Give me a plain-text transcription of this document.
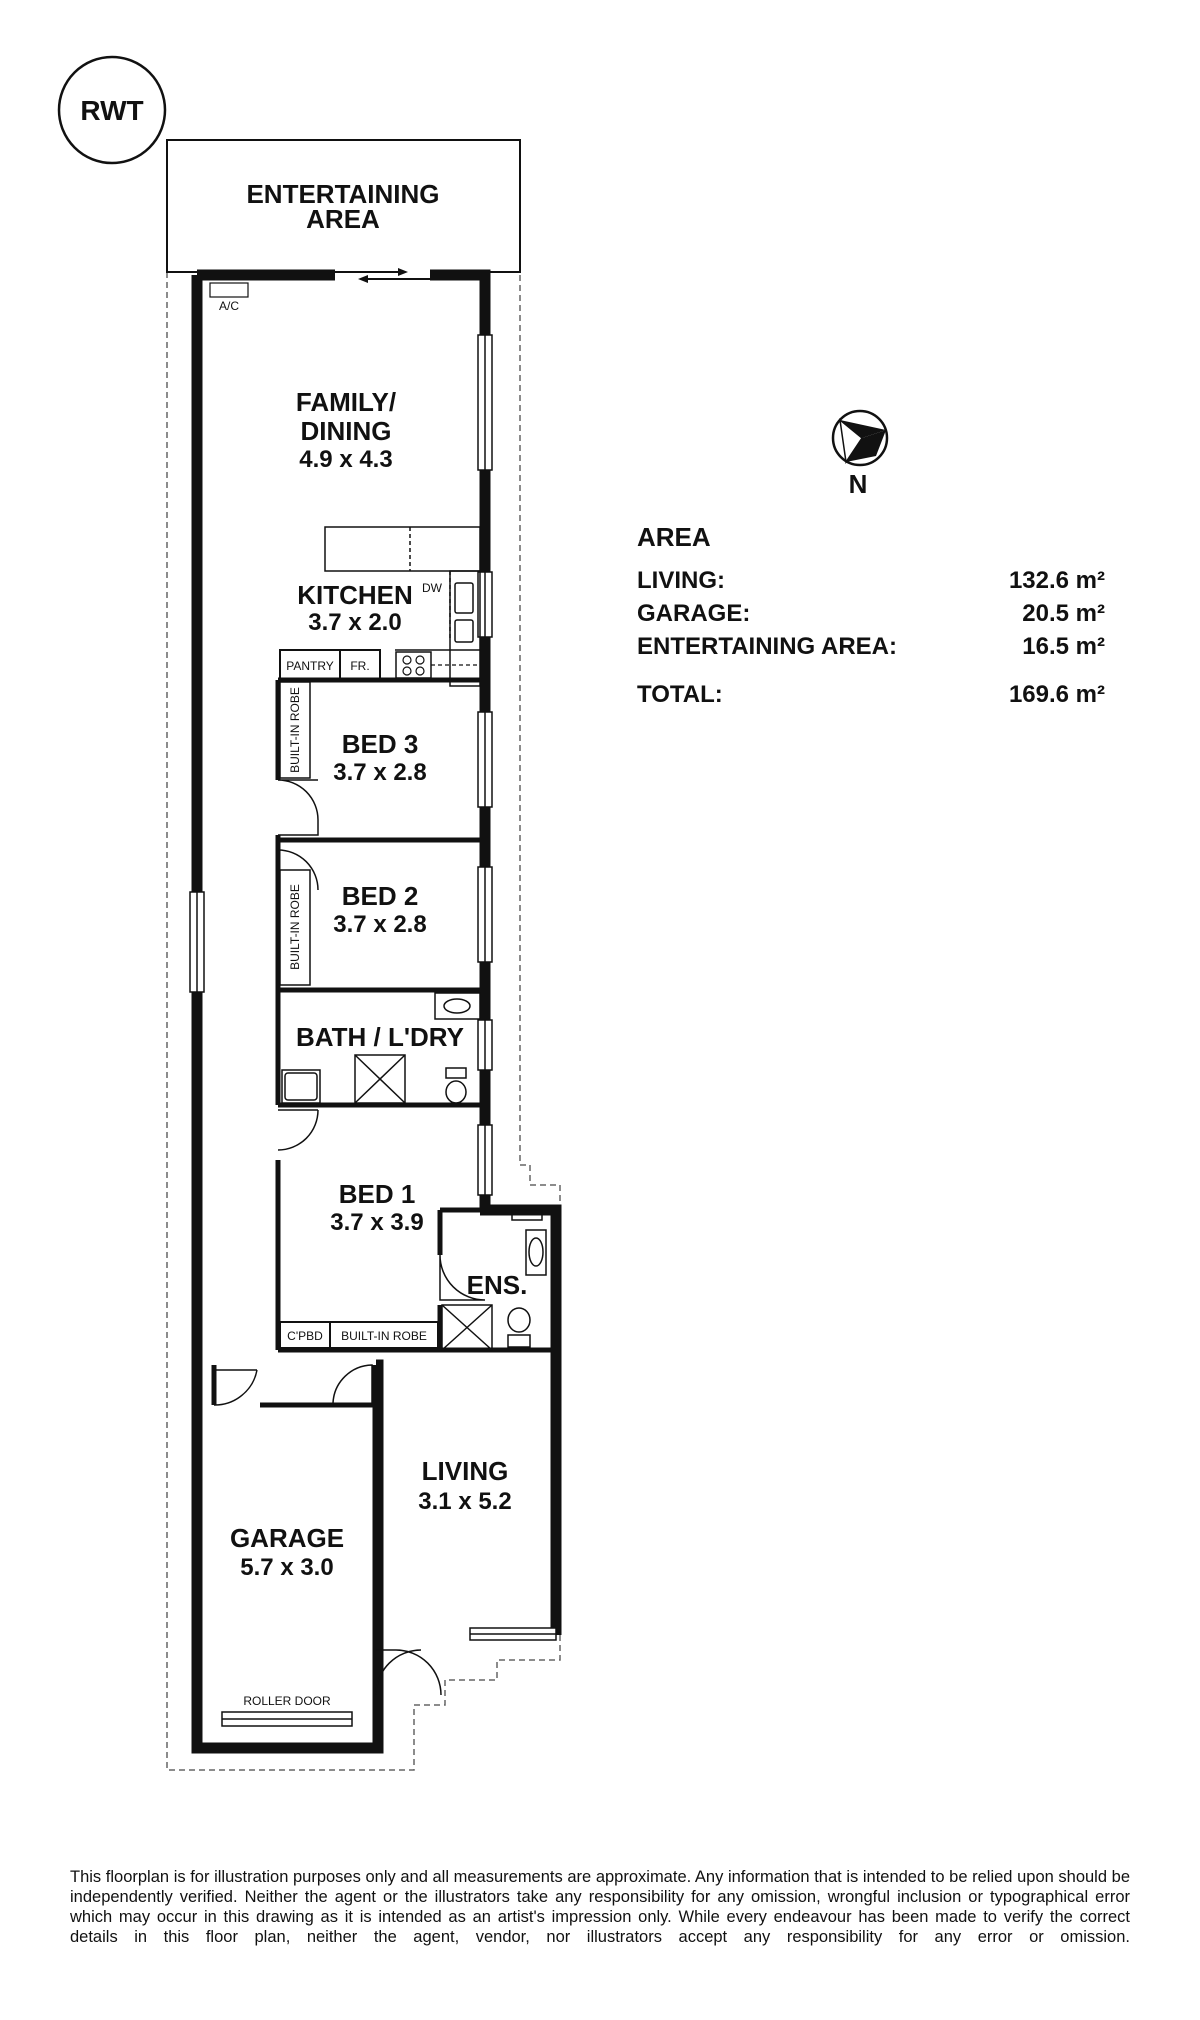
RWT
ENTERTAINING
AREA
A/C
DW
KITCHEN
3.7 x 2.0
FAMILY/
DINING
4.9 x 4.3
PANTRY FR.
BUILT-IN ROBE
BUILT-IN ROBE
BED 3
3.7 x 2.8
BED 2
3.7 x 2.8
BATH / L'DRY
BED 1
3.7 x 3.9
C'PBD BUILT-IN ROBE
ENS.
LIVING
3.1 x 5.2
GARAGE
5.7 x 3.0
ROLLER DOOR
N
AREA
LIVING:	132.6 m²
GARAGE:	20.5 m²
ENTERTAINING AREA:	16.5 m²
TOTAL:	169.6 m²

This floorplan is for illustration purposes only and all measurements are approximate. Any information that is intended to be relied upon should be independently verified. Neither the agent or the illustrators take any responsibility for any omission, wrongful inclusion or typographical error which may occur in this drawing as it is intended as an artist's impression only. While every endeavour has been made to verify the correct details in this floor plan, neither the agent, vendor, nor illustrators accept any responsibility for any error or omission.
